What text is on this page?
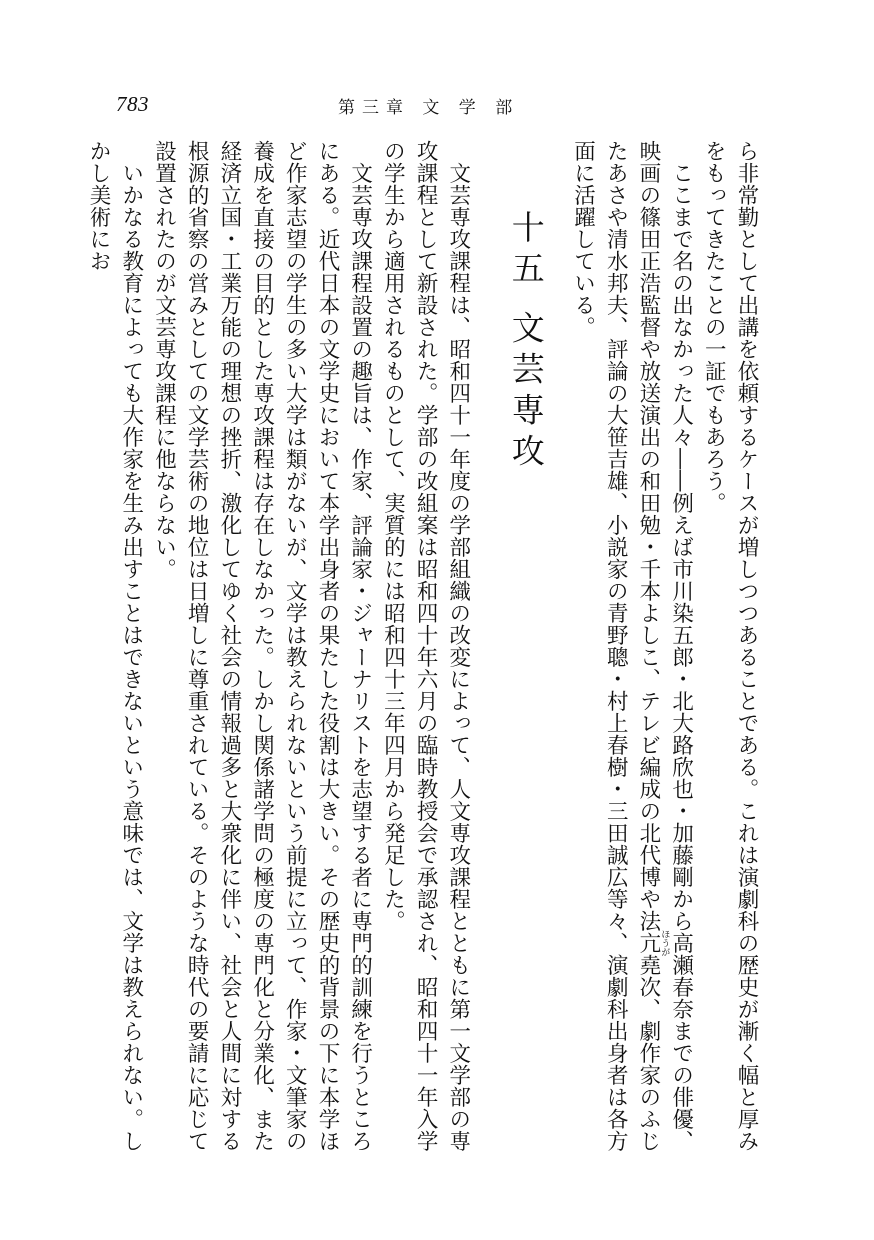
783	第三章 文 学 部

ら非常勤として出講を依頼するケースが増しつつあることである。これは演劇科の歴史が漸く幅と厚みをもってきたことの一証でもあろう。

ここまで名の出なかった人々――例えば市川染五郎・北大路欣也・加藤剛から高瀬春奈までの俳優、映画の篠田正浩監督や放送演出の和田勉・千本よしこ、テレビ編成の北代博や法亢ほうが堯次、劇作家のふじたあさや清水邦夫、評論の大笹吉雄、小説家の青野聰・村上春樹・三田誠広等々、演劇科出身者は各方面に活躍している。

十五 文芸専攻

文芸専攻課程は、昭和四十一年度の学部組織の改変によって、人文専攻課程とともに第一文学部の専攻課程として新設された。学部の改組案は昭和四十年六月の臨時教授会で承認され、昭和四十一年入学の学生から適用されるものとして、実質的には昭和四十三年四月から発足した。

文芸専攻課程設置の趣旨は、作家、評論家・ジャーナリストを志望する者に専門的訓練を行うところにある。近代日本の文学史において本学出身者の果たした役割は大きい。その歴史的背景の下に本学ほど作家志望の学生の多い大学は類がないが、文学は教えられないという前提に立って、作家・文筆家の養成を直接の目的とした専攻課程は存在しなかった。しかし関係諸学問の極度の専門化と分業化、また経済立国・工業万能の理想の挫折、激化してゆく社会の情報過多と大衆化に伴い、社会と人間に対する根源的省察の営みとしての文学芸術の地位は日増しに尊重されている。そのような時代の要請に応じて設置されたのが文芸専攻課程に他ならない。

いかなる教育によっても大作家を生み出すことはできないという意味では、文学は教えられない。しかし美術にお
